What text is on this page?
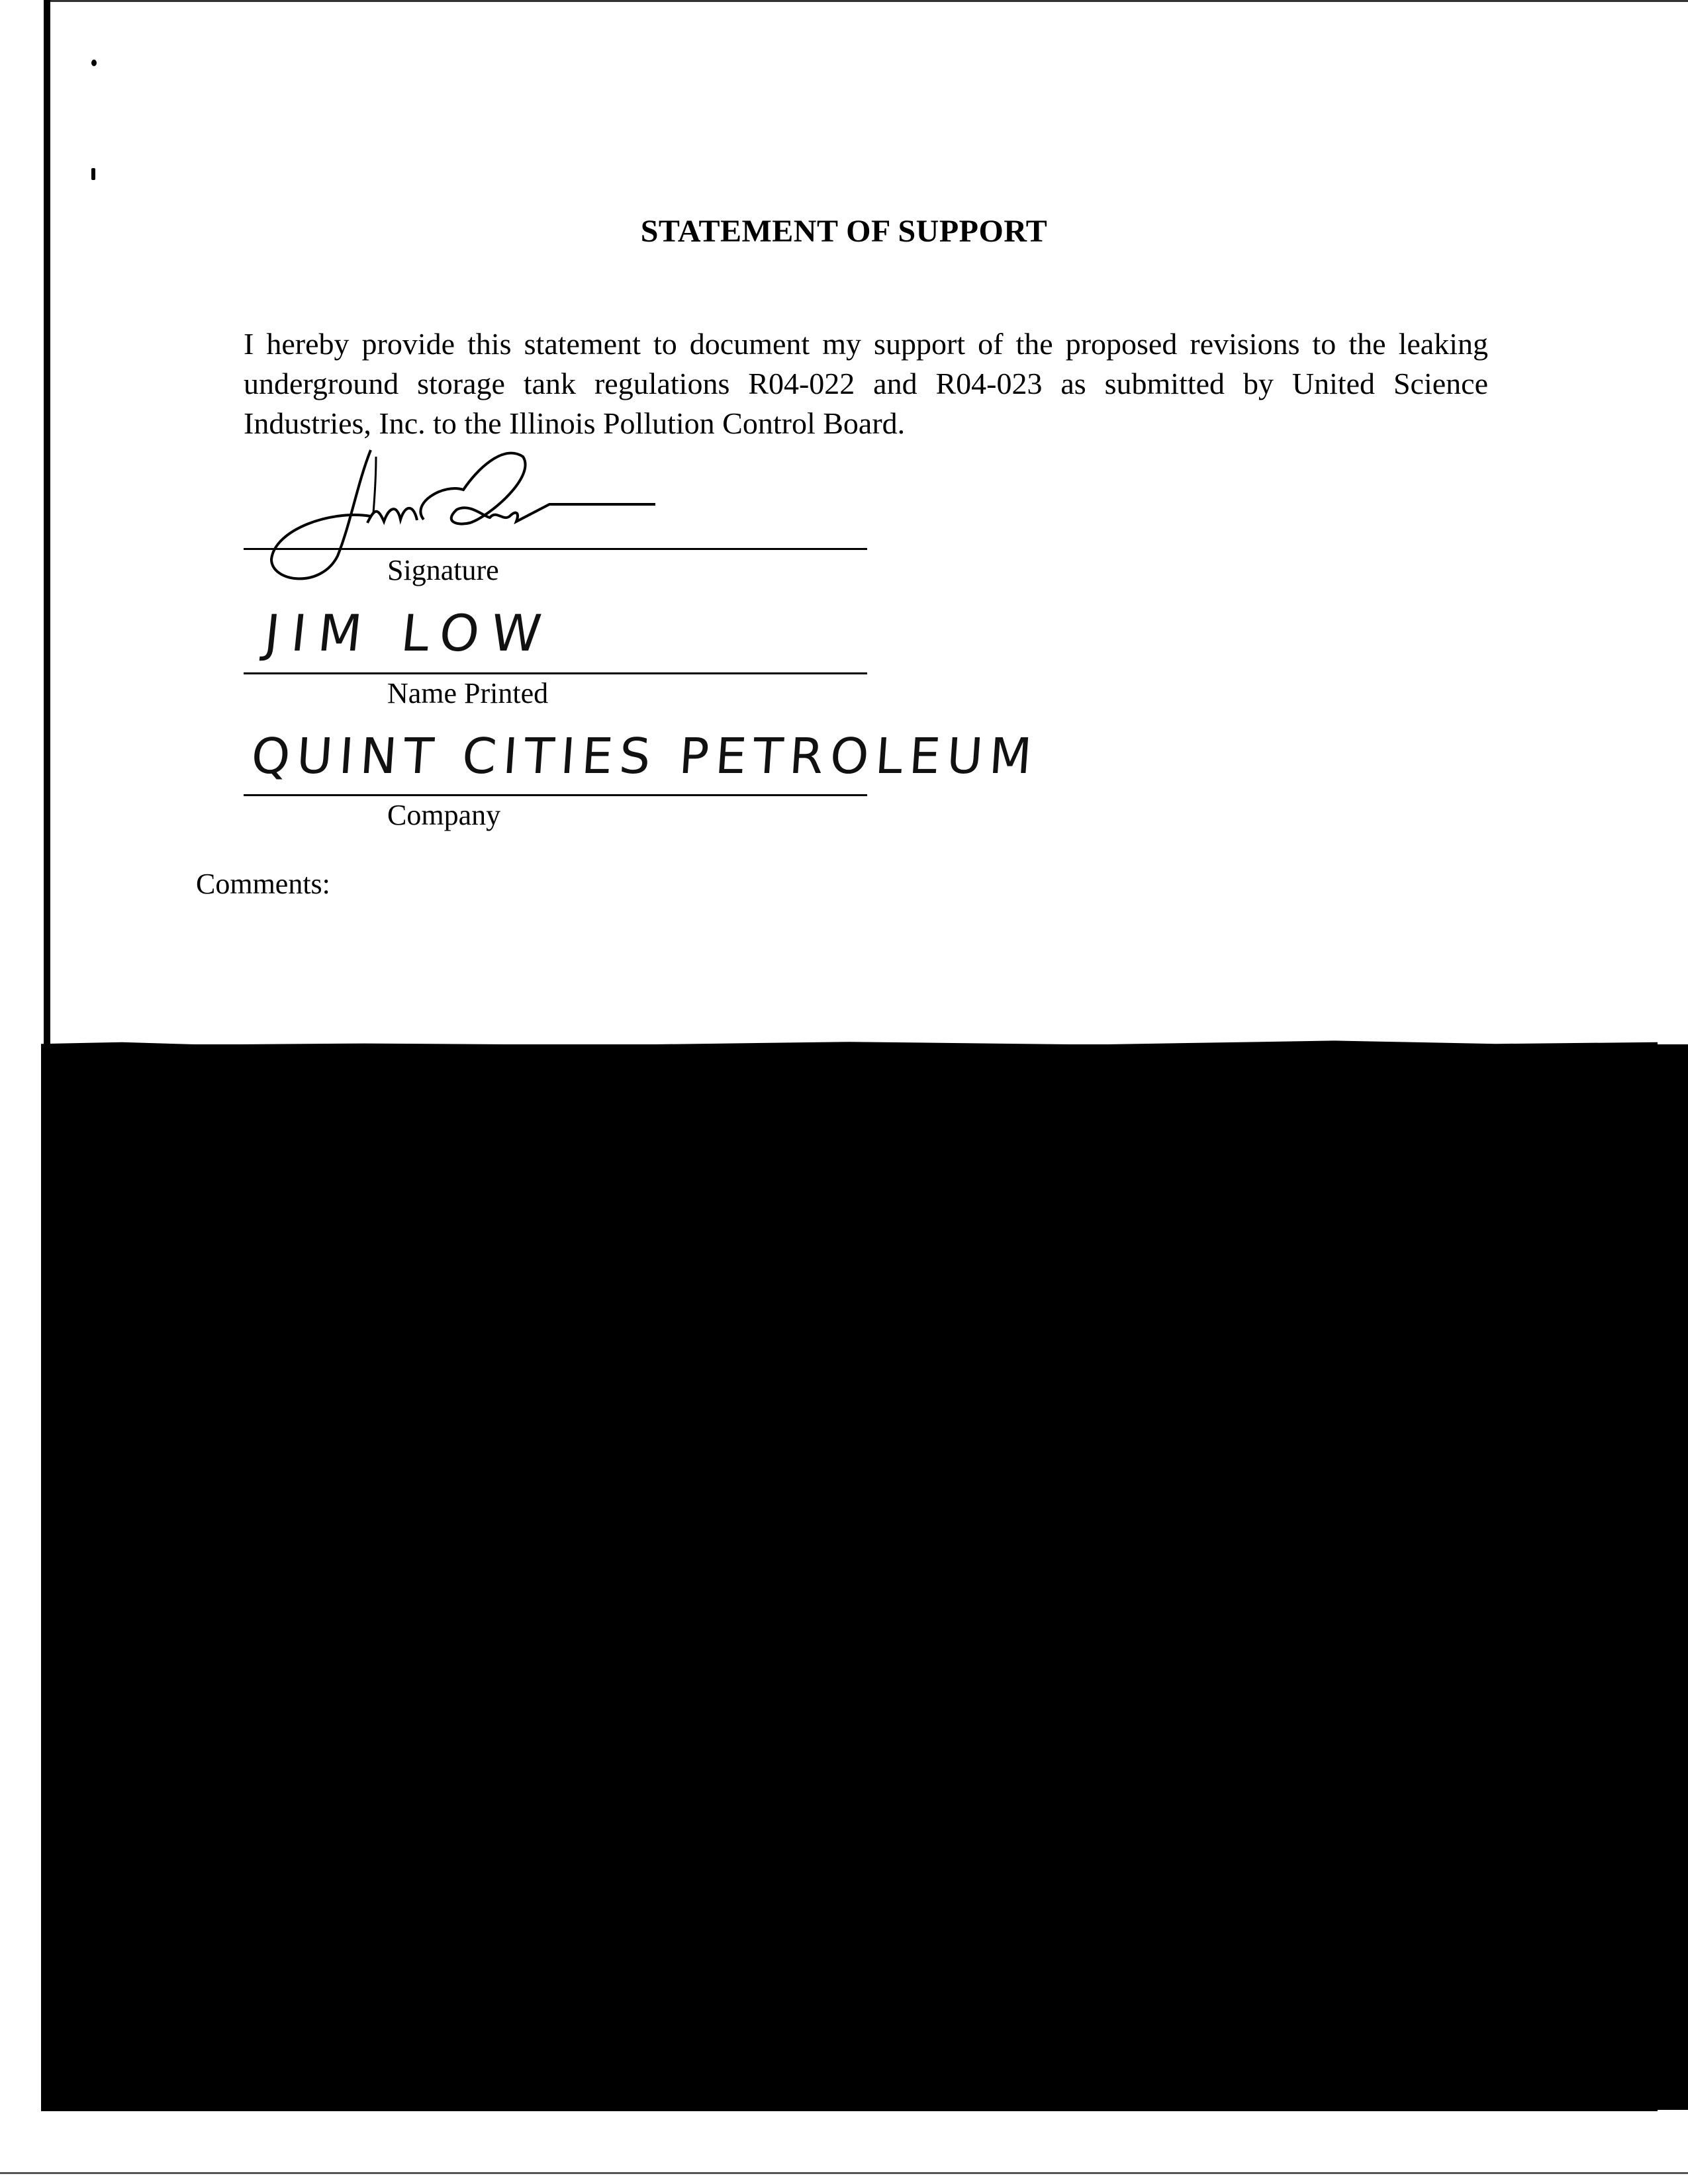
STATEMENT OF SUPPORT
I hereby provide this statement to document my support of the proposed revisions to the leaking underground storage tank regulations R04-022 and R04-023 as submitted by United Science Industries, Inc. to the Illinois Pollution Control Board.
Signature
JIM LOW
Name Printed
QUINT CITIES PETROLEUM
Company
Comments:
